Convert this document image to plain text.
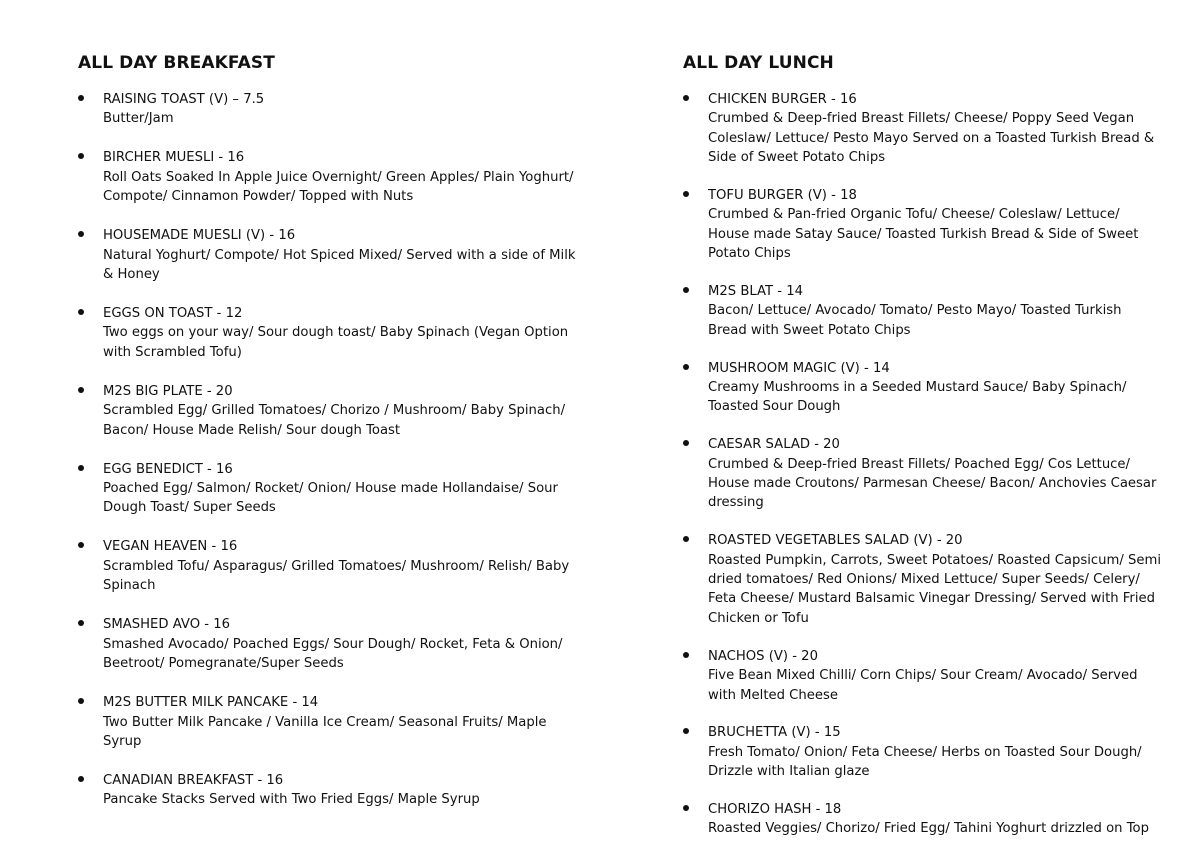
ALL DAY BREAKFAST
RAISING TOAST (V) – 7.5
Butter/Jam
BIRCHER MUESLI - 16
Roll Oats Soaked In Apple Juice Overnight/ Green Apples/ Plain Yoghurt/ Compote/ Cinnamon Powder/ Topped with Nuts
HOUSEMADE MUESLI (V) - 16
Natural Yoghurt/ Compote/ Hot Spiced Mixed/ Served with a side of Milk & Honey
EGGS ON TOAST - 12
Two eggs on your way/ Sour dough toast/ Baby Spinach (Vegan Option with Scrambled Tofu)
M2S BIG PLATE - 20
Scrambled Egg/ Grilled Tomatoes/ Chorizo / Mushroom/ Baby Spinach/ Bacon/ House Made Relish/ Sour dough Toast
EGG BENEDICT - 16
Poached Egg/ Salmon/ Rocket/ Onion/ House made Hollandaise/ Sour Dough Toast/ Super Seeds
VEGAN HEAVEN - 16
Scrambled Tofu/ Asparagus/ Grilled Tomatoes/ Mushroom/ Relish/ Baby Spinach
SMASHED AVO - 16
Smashed Avocado/ Poached Eggs/ Sour Dough/ Rocket, Feta & Onion/ Beetroot/ Pomegranate/Super Seeds
M2S BUTTER MILK PANCAKE - 14
Two Butter Milk Pancake / Vanilla Ice Cream/ Seasonal Fruits/ Maple Syrup
CANADIAN BREAKFAST - 16
Pancake Stacks Served with Two Fried Eggs/ Maple Syrup
ALL DAY LUNCH
CHICKEN BURGER - 16
Crumbed & Deep-fried Breast Fillets/ Cheese/ Poppy Seed Vegan Coleslaw/ Lettuce/ Pesto Mayo Served on a Toasted Turkish Bread & Side of Sweet Potato Chips
TOFU BURGER (V) - 18
Crumbed & Pan-fried Organic Tofu/ Cheese/ Coleslaw/ Lettuce/ House made Satay Sauce/ Toasted Turkish Bread & Side of Sweet Potato Chips
M2S BLAT - 14
Bacon/ Lettuce/ Avocado/ Tomato/ Pesto Mayo/ Toasted Turkish Bread with Sweet Potato Chips
MUSHROOM MAGIC (V) - 14
Creamy Mushrooms in a Seeded Mustard Sauce/ Baby Spinach/ Toasted Sour Dough
CAESAR SALAD - 20
Crumbed & Deep-fried Breast Fillets/ Poached Egg/ Cos Lettuce/ House made Croutons/ Parmesan Cheese/ Bacon/ Anchovies Caesar dressing
ROASTED VEGETABLES SALAD (V) - 20
Roasted Pumpkin, Carrots, Sweet Potatoes/ Roasted Capsicum/ Semi dried tomatoes/ Red Onions/ Mixed Lettuce/ Super Seeds/ Celery/ Feta Cheese/ Mustard Balsamic Vinegar Dressing/ Served with Fried Chicken or Tofu
NACHOS (V) - 20
Five Bean Mixed Chilli/ Corn Chips/ Sour Cream/ Avocado/ Served with Melted Cheese
BRUCHETTA (V) - 15
Fresh Tomato/ Onion/ Feta Cheese/ Herbs on Toasted Sour Dough/ Drizzle with Italian glaze
CHORIZO HASH - 18
Roasted Veggies/ Chorizo/ Fried Egg/ Tahini Yoghurt drizzled on Top
